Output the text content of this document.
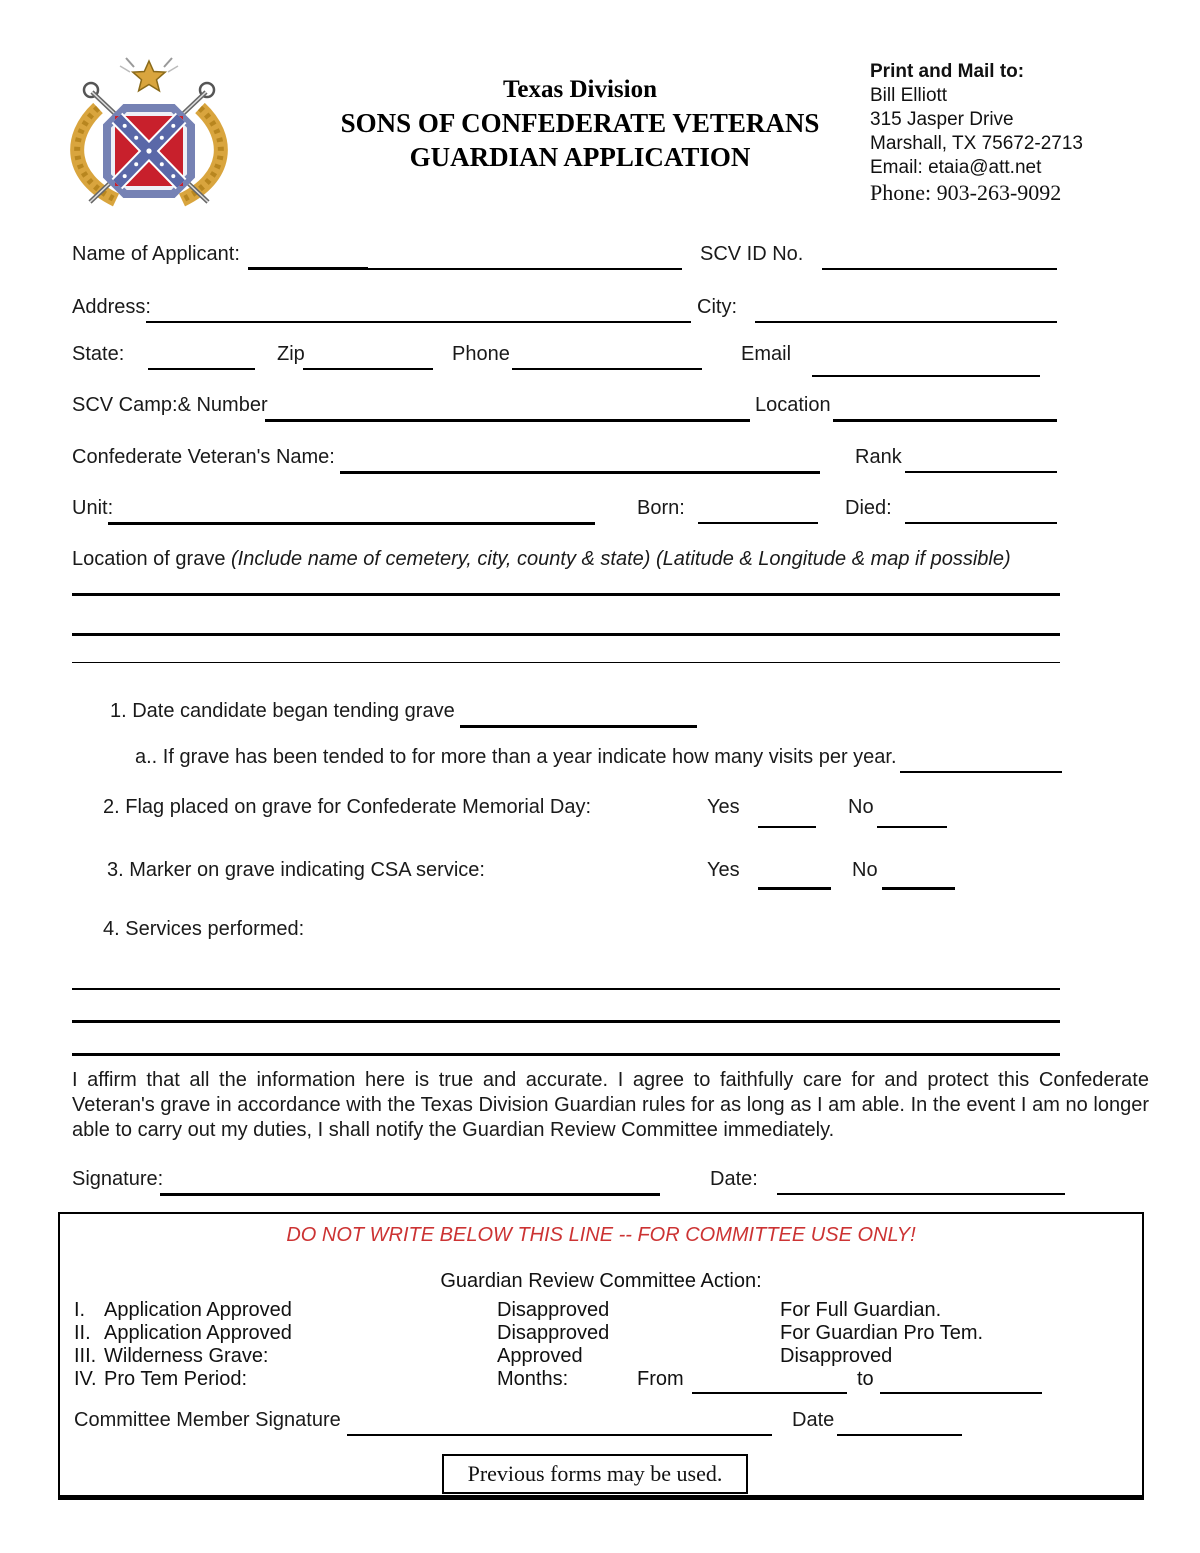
Texas Division
SONS OF CONFEDERATE VETERANS
GUARDIAN APPLICATION
Print and Mail to:
Bill Elliott
315 Jasper Drive
Marshall, TX 75672-2713
Email: etaia@att.net
Phone: 903-263-9092
Name of Applicant:	SCV ID No.
Address:	City:
State:	Zip	Phone	Email
SCV Camp:& Number	Location
Confederate Veteran's Name:	Rank
Unit:	Born:	Died:
Location of grave (Include name of cemetery, city, county & state) (Latitude & Longitude & map if possible)
1. Date candidate began tending grave
a.. If grave has been tended to for more than a year indicate how many visits per year.
2. Flag placed on grave for Confederate Memorial Day:	Yes	No
3. Marker on grave indicating CSA service:	Yes	No
4. Services performed:
I affirm that all the information here is true and accurate. I agree to faithfully care for and protect this Confederate Veteran's grave in accordance with the Texas Division Guardian rules for as long as I am able. In the event I am no longer able to carry out my duties, I shall notify the Guardian Review Committee immediately.
Signature:	Date:
DO NOT WRITE BELOW THIS LINE -- FOR COMMITTEE USE ONLY!
Guardian Review Committee Action:
I. Application Approved	Disapproved	For Full Guardian.
II. Application Approved	Disapproved	For Guardian Pro Tem.
III. Wilderness Grave:	Approved	Disapproved
IV. Pro Tem Period:	Months:	From	to
Committee Member Signature	Date
Previous forms may be used.
